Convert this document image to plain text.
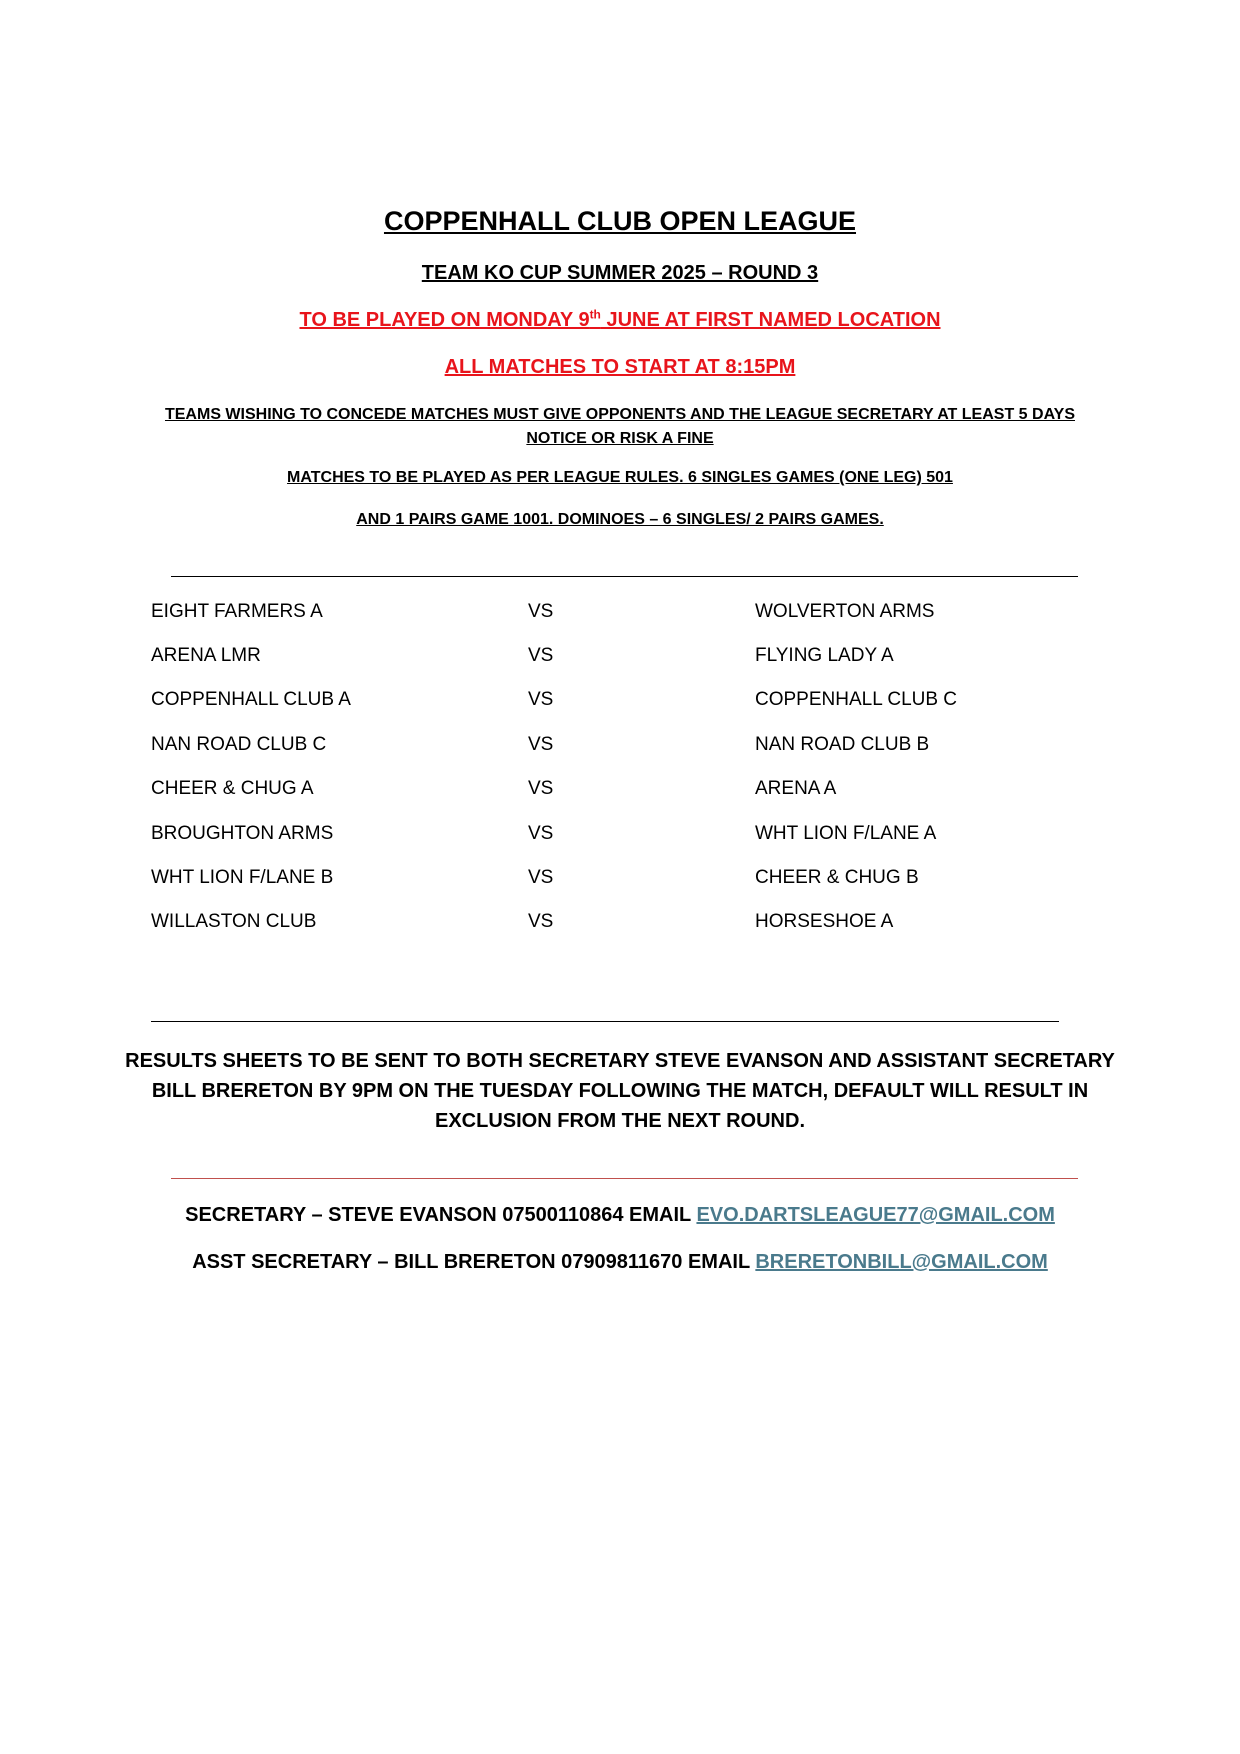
COPPENHALL CLUB OPEN LEAGUE
TEAM KO CUP SUMMER 2025 – ROUND 3
TO BE PLAYED ON MONDAY 9th JUNE AT FIRST NAMED LOCATION
ALL MATCHES TO START AT 8:15PM
TEAMS WISHING TO CONCEDE MATCHES MUST GIVE OPPONENTS AND THE LEAGUE SECRETARY AT LEAST 5 DAYS NOTICE OR RISK A FINE
MATCHES TO BE PLAYED AS PER LEAGUE RULES. 6 SINGLES GAMES (ONE LEG) 501
AND 1 PAIRS GAME 1001. DOMINOES – 6 SINGLES/ 2 PAIRS GAMES.
EIGHT FARMERS A	VS	WOLVERTON ARMS
ARENA LMR	VS	FLYING LADY A
COPPENHALL CLUB A	VS	COPPENHALL CLUB C
NAN ROAD CLUB C	VS	NAN ROAD CLUB B
CHEER & CHUG A	VS	ARENA A
BROUGHTON ARMS	VS	WHT LION F/LANE A
WHT LION F/LANE B	VS	CHEER & CHUG B
WILLASTON CLUB	VS	HORSESHOE A
RESULTS SHEETS TO BE SENT TO BOTH SECRETARY STEVE EVANSON AND ASSISTANT SECRETARY BILL BRERETON BY 9PM ON THE TUESDAY FOLLOWING THE MATCH, DEFAULT WILL RESULT IN EXCLUSION FROM THE NEXT ROUND.
SECRETARY – STEVE EVANSON 07500110864 EMAIL EVO.DARTSLEAGUE77@GMAIL.COM
ASST SECRETARY – BILL BRERETON 07909811670 EMAIL BRERETONBILL@GMAIL.COM
